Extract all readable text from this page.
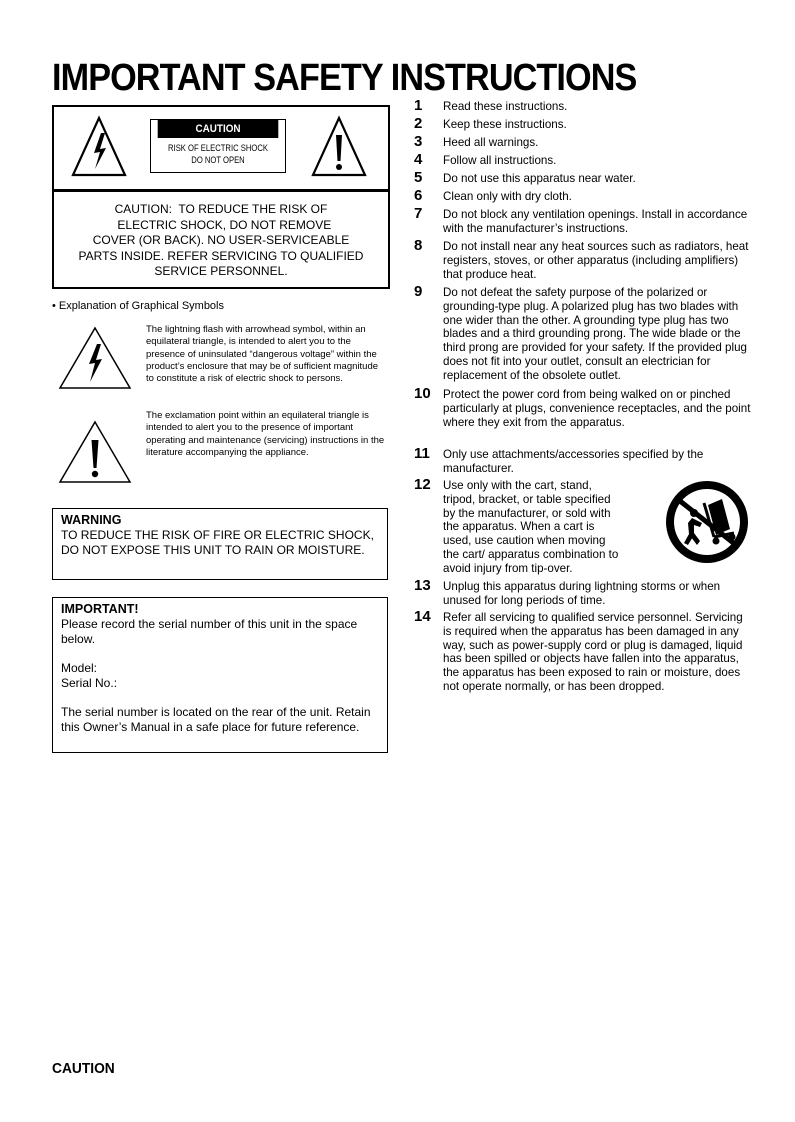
IMPORTANT SAFETY INSTRUCTIONS
CAUTION
RISK OF ELECTRIC SHOCK
DO NOT OPEN
CAUTION:  TO REDUCE THE RISK OF
ELECTRIC SHOCK, DO NOT REMOVE
COVER (OR BACK). NO USER-SERVICEABLE
PARTS INSIDE. REFER SERVICING TO QUALIFIED
SERVICE PERSONNEL.
• Explanation of Graphical Symbols
The lightning flash with arrowhead symbol, within an equilateral triangle, is intended to alert you to the presence of uninsulated “dangerous voltage” within the product’s enclosure that may be of sufficient magnitude to constitute a risk of electric shock to persons.
The exclamation point within an equilateral triangle is intended to alert you to the presence of important operating and maintenance (servicing) instructions in the literature accompanying the appliance.
WARNING
TO REDUCE THE RISK OF FIRE OR ELECTRIC SHOCK, DO NOT EXPOSE THIS UNIT TO RAIN OR MOISTURE.
IMPORTANT!

Please record the serial number of this unit in the space below.

Model:

Serial No.:

The serial number is located on the rear of the unit. Retain this Owner’s Manual in a safe place for future reference.

1 Read these instructions.
2 Keep these instructions.
3 Heed all warnings.
4 Follow all instructions.
5 Do not use this apparatus near water.
6 Clean only with dry cloth.
7 Do not block any ventilation openings. Install in accordance with the manufacturer’s instructions.
8 Do not install near any heat sources such as radiators, heat registers, stoves, or other apparatus (including amplifiers) that produce heat.
9 Do not defeat the safety purpose of the polarized or grounding-type plug. A polarized plug has two blades with one wider than the other. A grounding type plug has two blades and a third grounding prong. The wide blade or the third prong are provided for your safety. If the provided plug does not fit into your outlet, consult an electrician for replacement of the obsolete outlet.
10 Protect the power cord from being walked on or pinched particularly at plugs, convenience receptacles, and the point where they exit from the apparatus.
11 Only use attachments/accessories specified by the manufacturer.
12 Use only with the cart, stand, tripod, bracket, or table specified by the manufacturer, or sold with the apparatus. When a cart is used, use caution when moving the cart/ apparatus combination to avoid injury from tip-over.
13 Unplug this apparatus during lightning storms or when unused for long periods of time.
14 Refer all servicing to qualified service personnel. Servicing is required when the apparatus has been damaged in any way, such as power-supply cord or plug is damaged, liquid has been spilled or objects have fallen into the apparatus, the apparatus has been exposed to rain or moisture, does not operate normally, or has been dropped.
CAUTION
